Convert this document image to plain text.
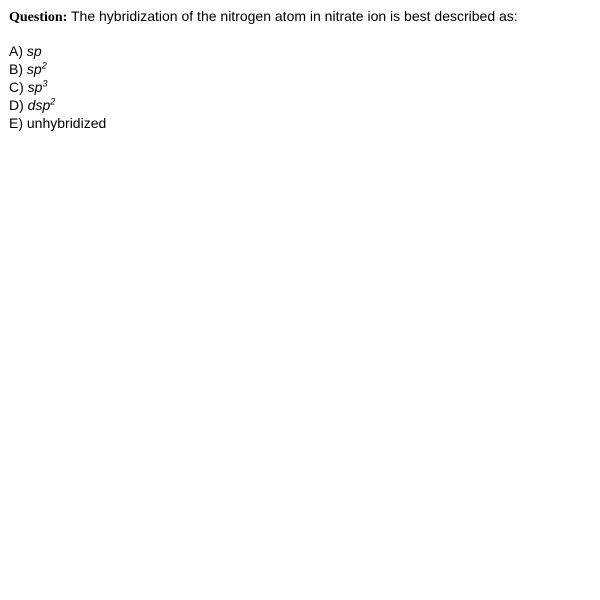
Question: The hybridization of the nitrogen atom in nitrate ion is best described as:
A) sp
B) $sp^2$
C) $sp^3$
D) dsp$^2$
E) unhybridized
